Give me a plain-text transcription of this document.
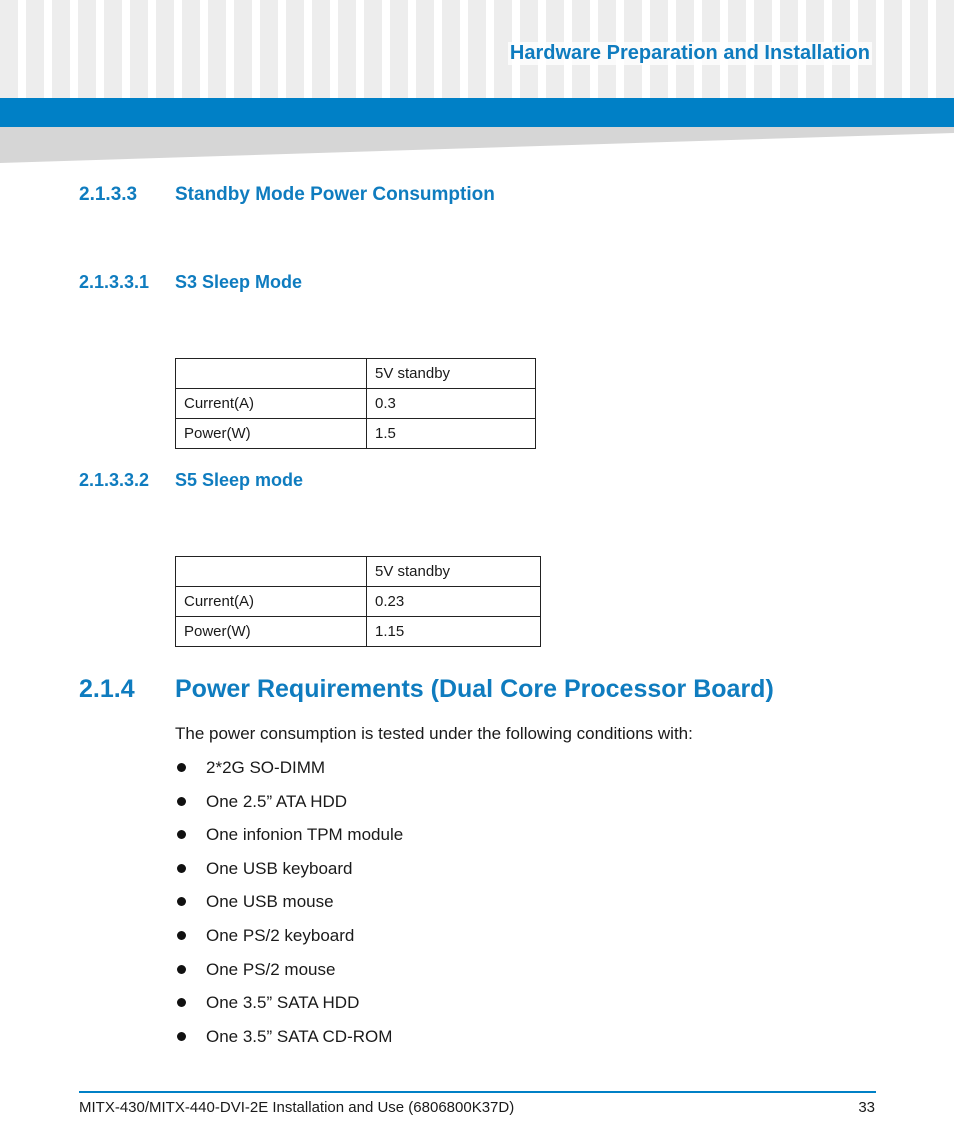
Hardware Preparation and Installation
2.1.3.3 Standby Mode Power Consumption
2.1.3.3.1 S3 Sleep Mode
	5V standby
Current(A)	0.3
Power(W)	1.5
2.1.3.3.2 S5 Sleep mode
	5V standby
Current(A)	0.23
Power(W)	1.15
2.1.4 Power Requirements (Dual Core Processor Board)
The power consumption is tested under the following conditions with:
2*2G SO-DIMM
One 2.5” ATA HDD
One infonion TPM module
One USB keyboard
One USB mouse
One PS/2 keyboard
One PS/2 mouse
One 3.5” SATA HDD
One 3.5” SATA CD-ROM
MITX-430/MITX-440-DVI-2E Installation and Use (6806800K37D)	33
